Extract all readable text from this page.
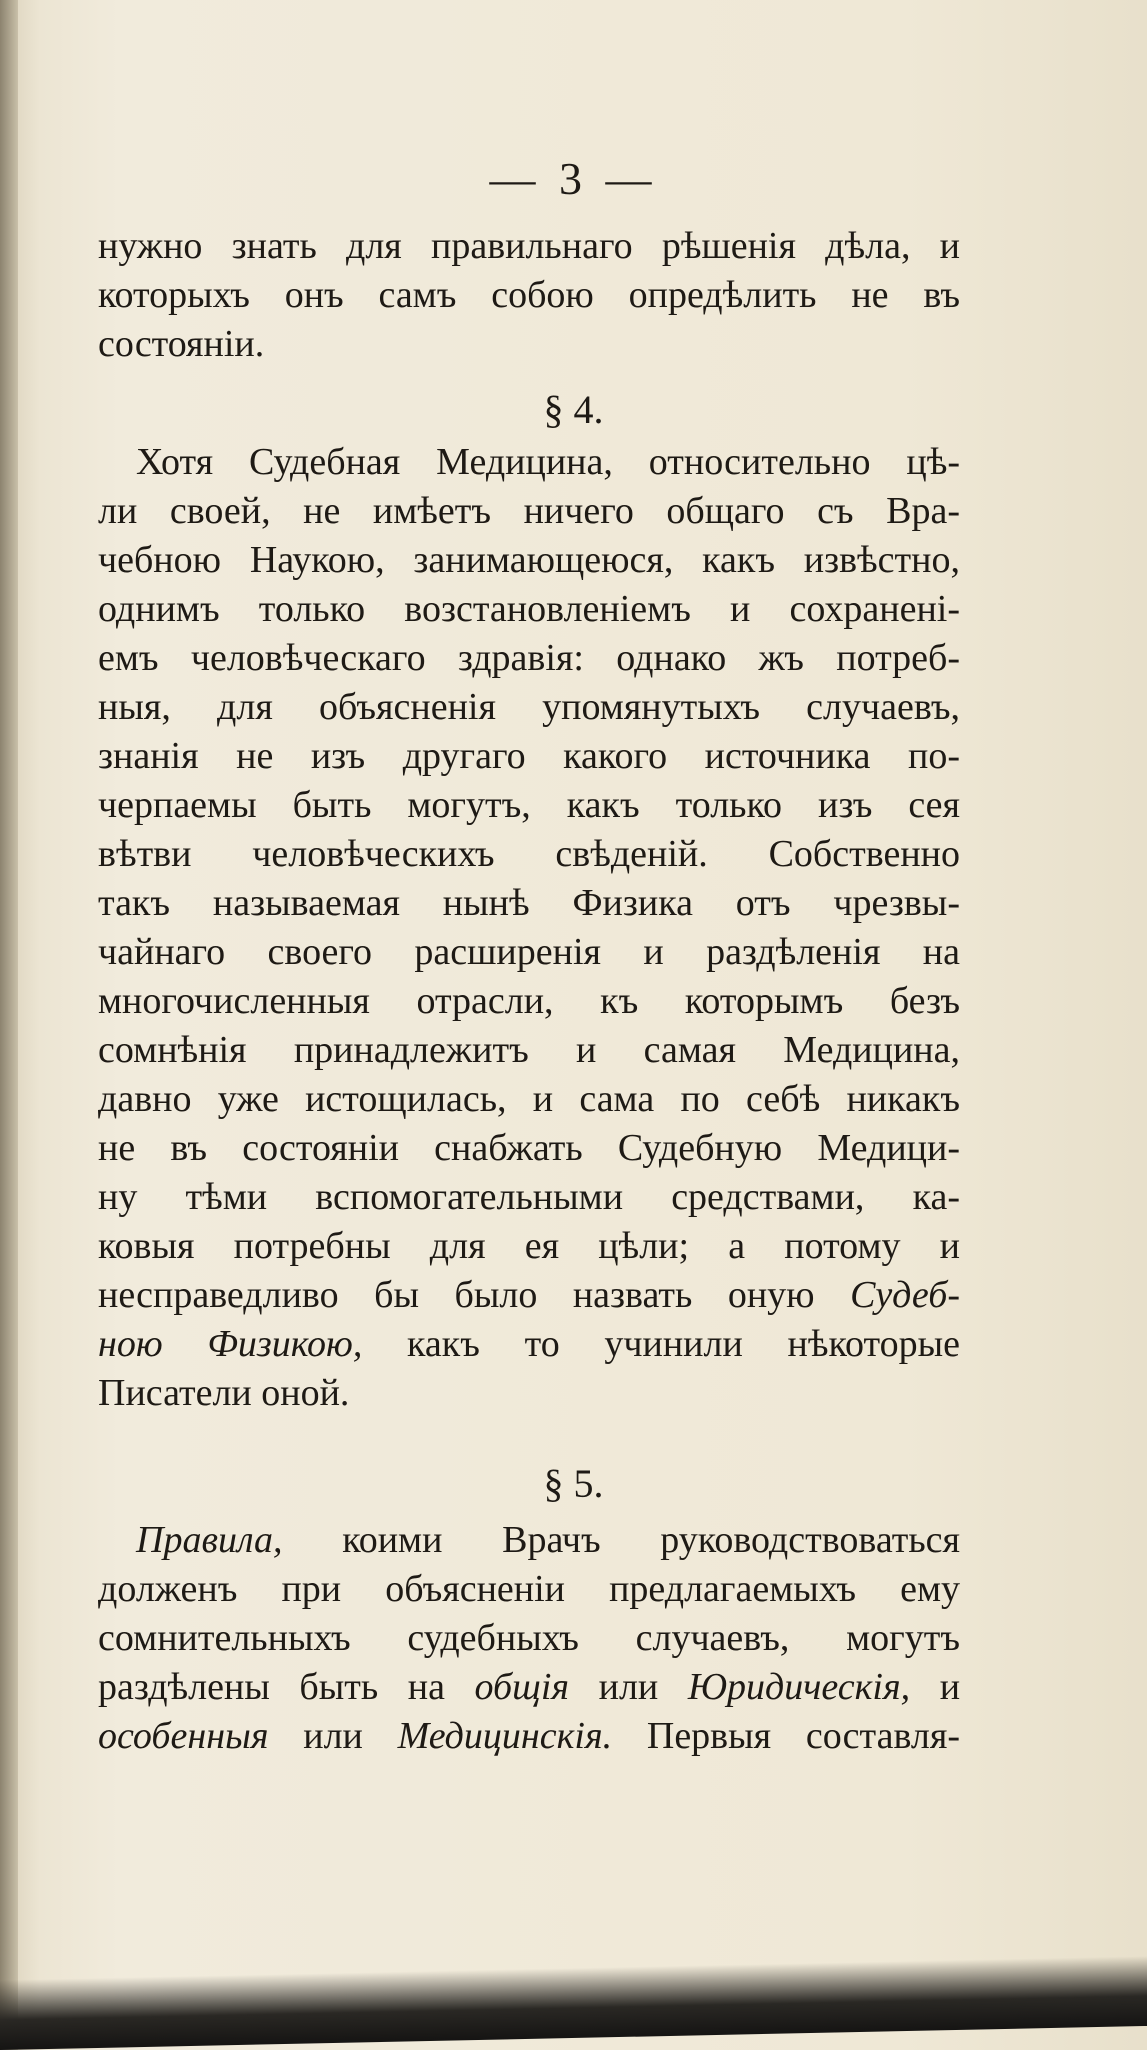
— 3 —
нужно знать для правильнаго рѣшенія дѣла, и
которыхъ онъ самъ собою опредѣлить не въ
состояніи.
§ 4.
Хотя Судебная Медицина, относительно цѣ-
ли своей, не имѣетъ ничего общаго съ Вра-
чебною Наукою, занимающеюся, какъ извѣстно,
однимъ только возстановленіемъ и сохраненi-
емъ человѣческаго здравія: однако жъ потреб-
ныя, для объясненія упомянутыхъ случаевъ,
знанія не изъ другаго какого источника по-
черпаемы быть могутъ, какъ только изъ сея
вѣтви человѣческихъ свѣденій. Собственно
такъ называемая нынѣ Физика отъ чрезвы-
чайнаго своего расширенія и раздѣленія на
многочисленныя отрасли, къ которымъ безъ
сомнѣнія принадлежитъ и самая Медицина,
давно уже истощилась, и сама по себѣ никакъ
не въ состояніи снабжать Судебную Медици-
ну тѣми вспомогательными средствами, ка-
ковыя потребны для ея цѣли; а потому и
несправедливо бы было назвать оную Судеб-
ною Физикою, какъ то учинили нѣкоторые
Писатели оной.
§ 5.
Правила, коими Врачъ руководствоваться
долженъ при объясненіи предлагаемыхъ ему
сомнительныхъ судебныхъ случаевъ, могутъ
раздѣлены быть на общія или Юридическія, и
особенныя или Медицинскія. Первыя составля-
